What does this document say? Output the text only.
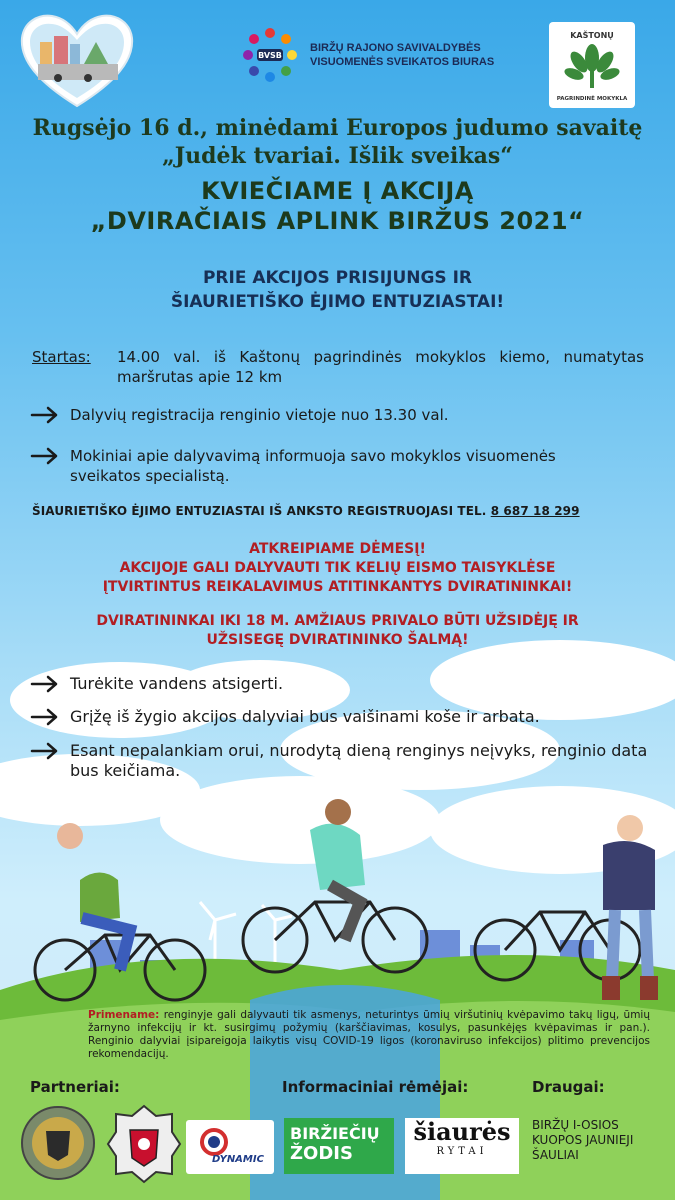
BVSB
BIRŽŲ RAJONO SAVIVALDYBĖS
VISUOMENĖS SVEIKATOS BIURAS
KAŠTONŲ
PAGRINDINĖ MOKYKLA
Rugsėjo 16 d., minėdami Europos judumo savaitę
„Judėk tvariai. Išlik sveikas“
KVIEČIAME Į AKCIJĄ
„DVIRAČIAIS APLINK BIRŽUS 2021“
PRIE AKCIJOS PRISIJUNGS IR
ŠIAURIETIŠKO ĖJIMO ENTUZIASTAI!
Startas: 14.00 val. iš Kaštonų pagrindinės mokyklos kiemo, numatytas maršrutas apie 12 km
Dalyvių registracija renginio vietoje nuo 13.30 val.
Mokiniai apie dalyvavimą informuoja savo mokyklos visuomenės sveikatos specialistą.
ŠIAURIETIŠKO ĖJIMO ENTUZIASTAI IŠ ANKSTO REGISTRUOJASI TEL. 8 687 18 299
ATKREIPIAME DĖMESĮ!
AKCIJOJE GALI DALYVAUTI TIK KELIŲ EISMO TAISYKLĖSE
ĮTVIRTINTUS REIKALAVIMUS ATITINKANTYS DVIRATININKAI!
DVIRATININKAI IKI 18 M. AMŽIAUS PRIVALO BŪTI UŽSIDĖJĘ IR
UŽSISEGĘ DVIRATININKO ŠALMĄ!
Turėkite vandens atsigerti.
Grįžę iš žygio akcijos dalyviai bus vaišinami koše ir arbata.
Esant nepalankiam orui, nurodytą dieną renginys neįvyks, renginio data bus keičiama.
Primename: renginyje gali dalyvauti tik asmenys, neturintys ūmių viršutinių kvėpavimo takų ligų, ūmių žarnyno infekcijų ir kt. susirgimų požymių (karščiavimas, kosulys, pasunkėjęs kvėpavimas ir pan.). Renginio dalyviai įsipareigoja laikytis visų COVID-19 ligos (koronaviruso infekcijos) plitimo prevencijos rekomendacijų.
Partneriai:	Informaciniai rėmėjai:	Draugai:
DYNAMIC
BIRŽIEČIŲ
ŽODIS
šiaurės
RYTAI
BIRŽŲ I-OSIOS KUOPOS JAUNIEJI ŠAULIAI
